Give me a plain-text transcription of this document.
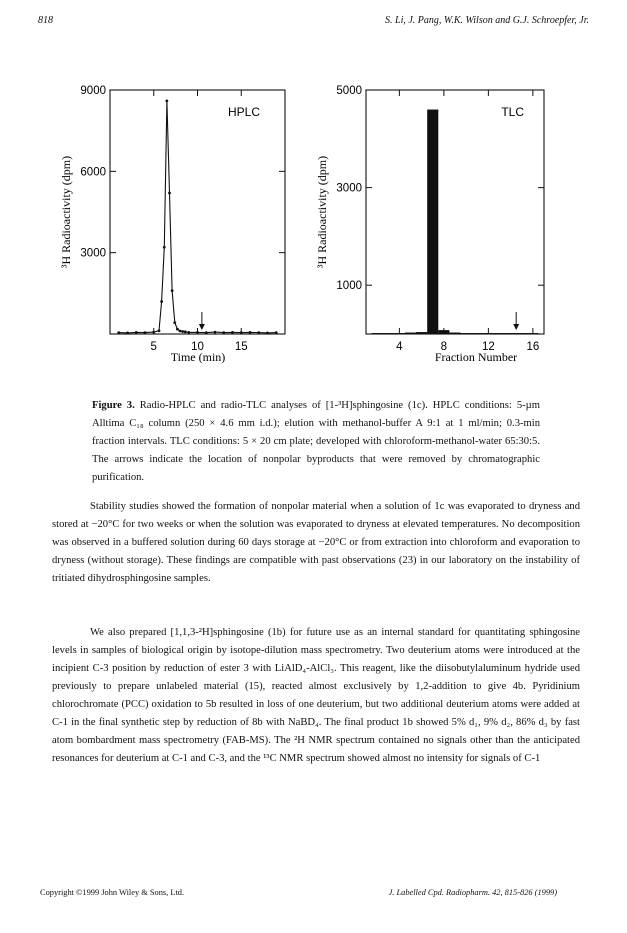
818	S. Li, J. Pang, W.K. Wilson and G.J. Schroepfer, Jr.
5	10	15
3000
6000
9000
HPLC
³H Radioactivity (dpm)
Time (min)
4	8	12	16
1000
3000
5000
TLC
³H Radioactivity (dpm)
Fraction Number
Figure 3. Radio-HPLC and radio-TLC analyses of [1-³H]sphingosine (1c). HPLC conditions: 5-µm Alltima C₁₈ column (250 × 4.6 mm i.d.); elution with methanol-buffer A 9:1 at 1 ml/min; 0.3-min fraction intervals. TLC conditions: 5 × 20 cm plate; developed with chloroform-methanol-water 65:30:5. The arrows indicate the location of nonpolar byproducts that were removed by chromatographic purification.

Stability studies showed the formation of nonpolar material when a solution of 1c was evaporated to dryness and stored at −20°C for two weeks or when the solution was evaporated to dryness at elevated temperatures. No decomposition was observed in a buffered solution during 60 days storage at −20°C or from extraction into chloroform and evaporation to dryness (without storage). These findings are compatible with past observations (23) in our laboratory on the instability of tritiated dihydrosphingosine samples.

We also prepared [1,1,3-²H]sphingosine (1b) for future use as an internal standard for quantitating sphingosine levels in samples of biological origin by isotope-dilution mass spectrometry. Two deuterium atoms were introduced at the incipient C-3 position by reduction of ester 3 with LiAlD₄-AlCl₃. This reagent, like the diisobutylaluminum hydride used previously to prepare unlabeled material (15), reacted almost exclusively by 1,2-addition to give 4b. Pyridinium chlorochromate (PCC) oxidation to 5b resulted in loss of one deuterium, but two additional deuterium atoms were added at C-1 in the final synthetic step by reduction of 8b with NaBD₄. The final product 1b showed 5% d₁, 9% d₂, 86% d₃ by fast atom bombardment mass spectrometry (FAB-MS). The ²H NMR spectrum contained no signals other than the anticipated resonances for deuterium at C-1 and C-3, and the ¹³C NMR spectrum showed almost no intensity for signals of C-1

Copyright ©1999 John Wiley & Sons, Ltd.	J. Labelled Cpd. Radiopharm. 42, 815-826 (1999)
